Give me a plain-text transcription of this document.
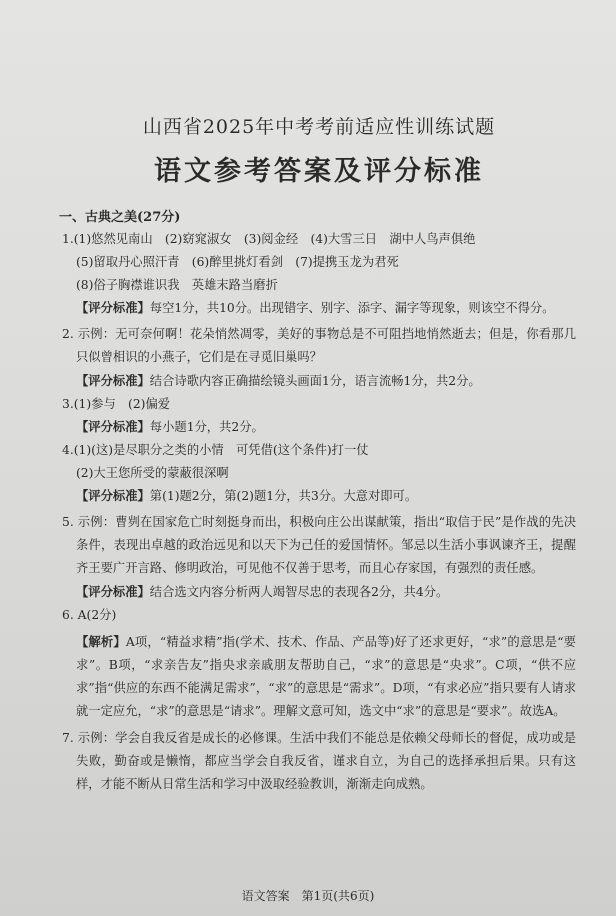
山西省2025年中考考前适应性训练试题
语文参考答案及评分标准
一、古典之美(27分)
1.(1)悠然见南山　(2)窈窕淑女　(3)阅金经　(4)大雪三日　湖中人鸟声俱绝
(5)留取丹心照汗青　(6)醉里挑灯看剑　(7)提携玉龙为君死
(8)俗子胸襟谁识我　英雄末路当磨折
【评分标准】每空1分，共10分。出现错字、别字、添字、漏字等现象，则该空不得分。
2. 示例：无可奈何啊！花朵悄然凋零，美好的事物总是不可阻挡地悄然逝去；但是，你看那几只似曾相识的小燕子，它们是在寻觅旧巢吗？
【评分标准】结合诗歌内容正确描绘镜头画面1分，语言流畅1分，共2分。
3.(1)参与　(2)偏爱
【评分标准】每小题1分，共2分。
4.(1)(这)是尽职分之类的小情　可凭借(这个条件)打一仗
(2)大王您所受的蒙蔽很深啊
【评分标准】第(1)题2分，第(2)题1分，共3分。大意对即可。
5. 示例：曹刿在国家危亡时刻挺身而出，积极向庄公出谋献策，指出“取信于民”是作战的先决条件，表现出卓越的政治远见和以天下为己任的爱国情怀。邹忌以生活小事讽谏齐王，提醒齐王要广开言路、修明政治，可见他不仅善于思考，而且心存家国，有强烈的责任感。
【评分标准】结合选文内容分析两人竭智尽忠的表现各2分，共4分。
6. A(2分)
【解析】A项，“精益求精”指(学术、技术、作品、产品等)好了还求更好，“求”的意思是“要求”。B项，“求亲告友”指央求亲戚朋友帮助自己，“求”的意思是“央求”。C项，“供不应求”指“供应的东西不能满足需求”，“求”的意思是“需求”。D项，“有求必应”指只要有人请求就一定应允，“求”的意思是“请求”。理解文意可知，选文中“求”的意思是“要求”。故选A。
7. 示例：学会自我反省是成长的必修课。生活中我们不能总是依赖父母师长的督促，成功或是失败，勤奋或是懒惰，都应当学会自我反省，谨求自立，为自己的选择承担后果。只有这样，才能不断从日常生活和学习中汲取经验教训，渐渐走向成熟。
语文答案　第1页(共6页)
